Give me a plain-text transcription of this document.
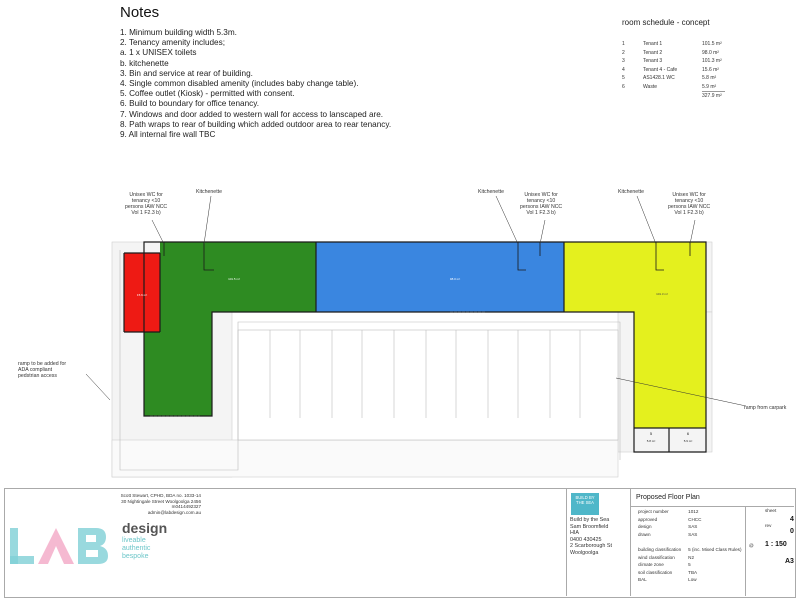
Notes
1. Minimum building width 5.3m.
2. Tenancy amenity includes;
a. 1 x UNISEX toilets
b. kitchenette
3. Bin and service at rear of building.
4. Single common disabled amenity (includes baby change table).
5. Coffee outlet (Kiosk) - permitted with consent.
6. Build to boundary for office tenancy.
7. Windows and door added to western wall for access to lanscaped are.
8. Path wraps to rear of building which added outdoor area to rear tenancy.
9. All internal fire wall TBC
room schedule - concept
1	Tenant 1	101.5 m²
2	Tenant 2	98.0 m²
3	Tenant 3	101.3 m²
4	Tenant 4 - Cafe	15.6 m²
5	AS1428.1 WC	5.8 m²
6	Waste	5.9 m²
		327.9 m²
15.6 m²
101.5 m²	98.0 m²
101.3 m²
5
5.8 m²
6
5.9 m²
Unisex WC for
tenancy <10
persons IAW NCC
Vol 1 F2.3 b)
Kitchenette	Kitchenette	Unisex WC for
tenancy <10
persons IAW NCC
Vol 1 F2.3 b)
Kitchenette	Unisex WC for
tenancy <10
persons IAW NCC
Vol 1 F2.3 b)
ramp to be added for
ADA compliant
pedstrian access
ramp from carpark
Scott Stewart, CPHD, BDA no. 1033-14
30 Nightingale Street Woolgoolga 2456
m0414492327
admin@labdesign.com.au
design
liveable
authentic
bespoke
BUILD BY THE SEA
Build by the Sea
Sam Broomfield
HIA
0400 430425
2 Scarborough St
Woolgoolga
Proposed Floor Plan
project number	1012
approved	CHCC
design	SAS
drawn	SAS

building classification	5 (inc. Mixed Class Rules)
wind classification	N2
climate zone	5
soil classification	TBA
BAL	Low
sheet
4
rev
0
@ 1 : 150
A3
